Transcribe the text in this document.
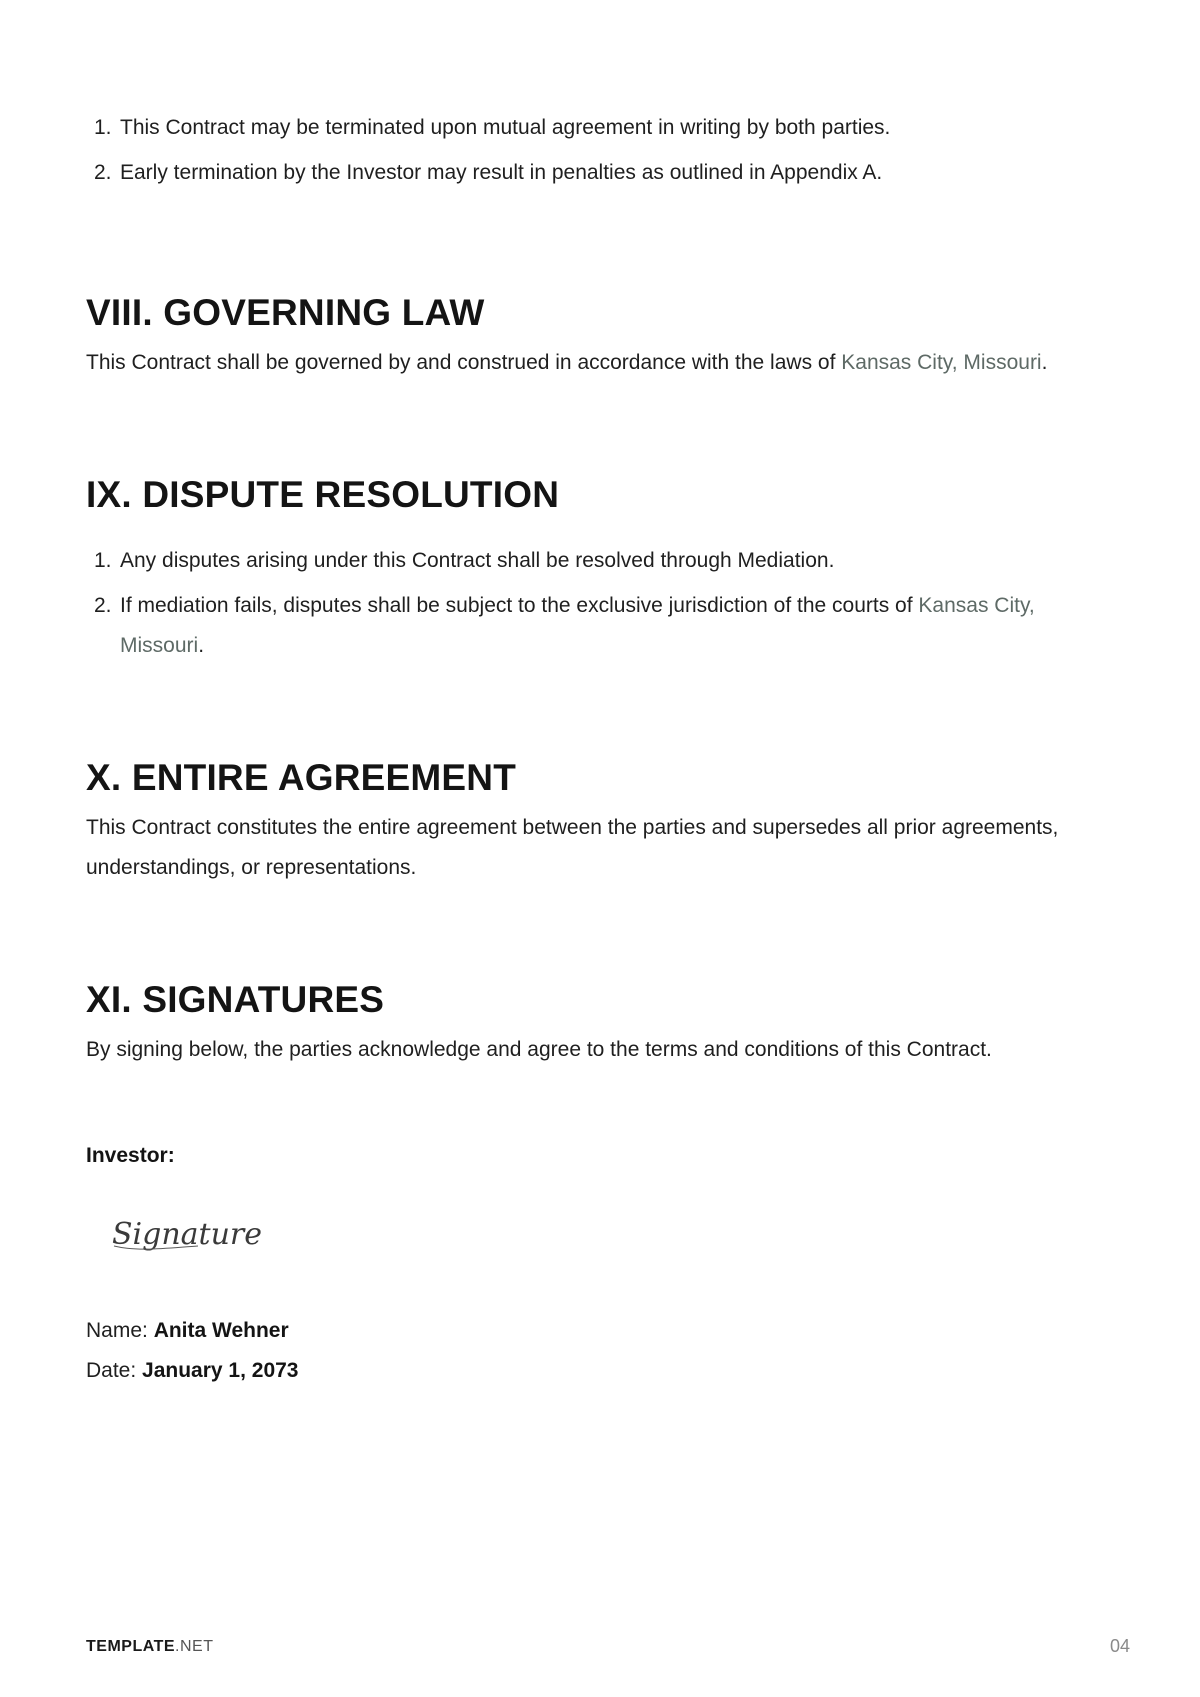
1. This Contract may be terminated upon mutual agreement in writing by both parties.
2. Early termination by the Investor may result in penalties as outlined in Appendix A.
VIII. GOVERNING LAW

This Contract shall be governed by and construed in accordance with the laws of Kansas City, Missouri.

IX. DISPUTE RESOLUTION
1. Any disputes arising under this Contract shall be resolved through Mediation.
2. If mediation fails, disputes shall be subject to the exclusive jurisdiction of the courts of Kansas City, Missouri.
X. ENTIRE AGREEMENT

This Contract constitutes the entire agreement between the parties and supersedes all prior agreements, understandings, or representations.

XI. SIGNATURES

By signing below, the parties acknowledge and agree to the terms and conditions of this Contract.

Investor:
Signature
Name: Anita Wehner
Date: January 1, 2073
TEMPLATE.NET	04
